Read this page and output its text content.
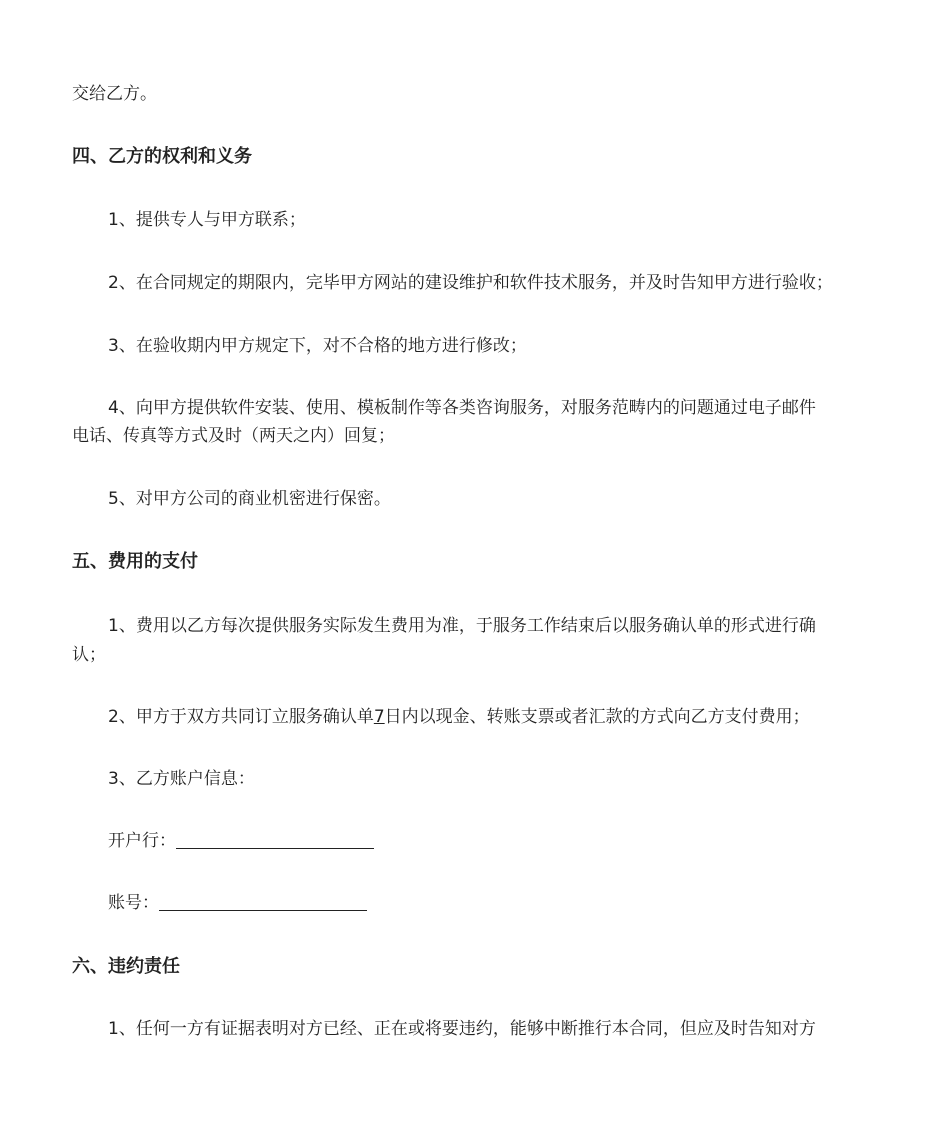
交给乙方。
四、乙方的权利和义务
1、提供专人与甲方联系；
2、在合同规定的期限内，完毕甲方网站的建设维护和软件技术服务，并及时告知甲方进行验收；
3、在验收期内甲方规定下，对不合格的地方进行修改；
4、向甲方提供软件安装、使用、模板制作等各类咨询服务，对服务范畴内的问题通过电子邮件
电话、传真等方式及时（两天之内）回复；
5、对甲方公司的商业机密进行保密。
五、费用的支付
1、费用以乙方每次提供服务实际发生费用为准，于服务工作结束后以服务确认单的形式进行确
认；
2、甲方于双方共同订立服务确认单7日内以现金、转账支票或者汇款的方式向乙方支付费用；
3、乙方账户信息：
开户行：
账号：
六、违约责任
1、任何一方有证据表明对方已经、正在或将要违约，能够中断推行本合同，但应及时告知对方
